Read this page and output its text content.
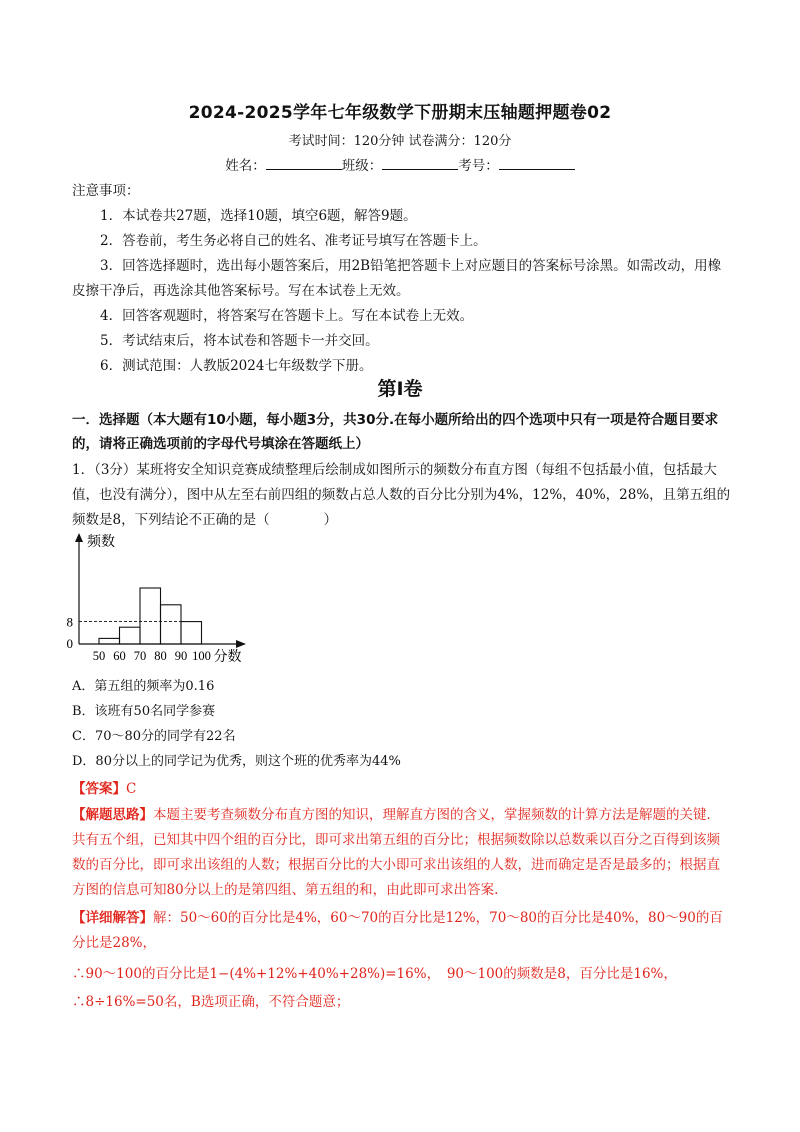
2024-2025学年七年级数学下册期末压轴题押题卷02
考试时间：120分钟 试卷满分：120分
姓名：	班级：	考号：
注意事项：
1．本试卷共27题，选择10题，填空6题，解答9题。
2．答卷前，考生务必将自己的姓名、准考证号填写在答题卡上。
3．回答选择题时，选出每小题答案后，用2B铅笔把答题卡上对应题目的答案标号涂黑。如需改动，用橡皮擦干净后，再选涂其他答案标号。写在本试卷上无效。
4．回答客观题时，将答案写在答题卡上。写在本试卷上无效。
5．考试结束后，将本试卷和答题卡一并交回。
6．测试范围：人教版2024七年级数学下册。
第Ⅰ卷
一．选择题（本大题有10小题，每小题3分，共30分.在每小题所给出的四个选项中只有一项是符合题目要求的，请将正确选项前的字母代号填涂在答题纸上）
1．（3分）某班将安全知识竞赛成绩整理后绘制成如图所示的频数分布直方图（每组不包括最小值，包括最大值，也没有满分），图中从左至右前四组的频数占总人数的百分比分别为4%，12%，40%，28%，且第五组的频数是8，下列结论不正确的是（　　　　）
0
8
50 60 70 80 90 100
频数
分数
A．第五组的频率为0.16
B．该班有50名同学参赛
C．70～80分的同学有22名
D．80分以上的同学记为优秀，则这个班的优秀率为44%
【答案】C
【解题思路】本题主要考查频数分布直方图的知识，理解直方图的含义，掌握频数的计算方法是解题的关键．共有五个组，已知其中四个组的百分比，即可求出第五组的百分比；根据频数除以总数乘以百分之百得到该频数的百分比，即可求出该组的人数；根据百分比的大小即可求出该组的人数，进而确定是否是最多的；根据直方图的信息可知80分以上的是第四组、第五组的和，由此即可求出答案.
【详细解答】解：50～60的百分比是4%，60～70的百分比是12%，70～80的百分比是40%，80～90的百分比是28%，
∴90～100的百分比是1−(4%+12%+40%+28%)=16%，　90～100的频数是8，百分比是16%，
∴8÷16%=50名，B选项正确，不符合题意；
